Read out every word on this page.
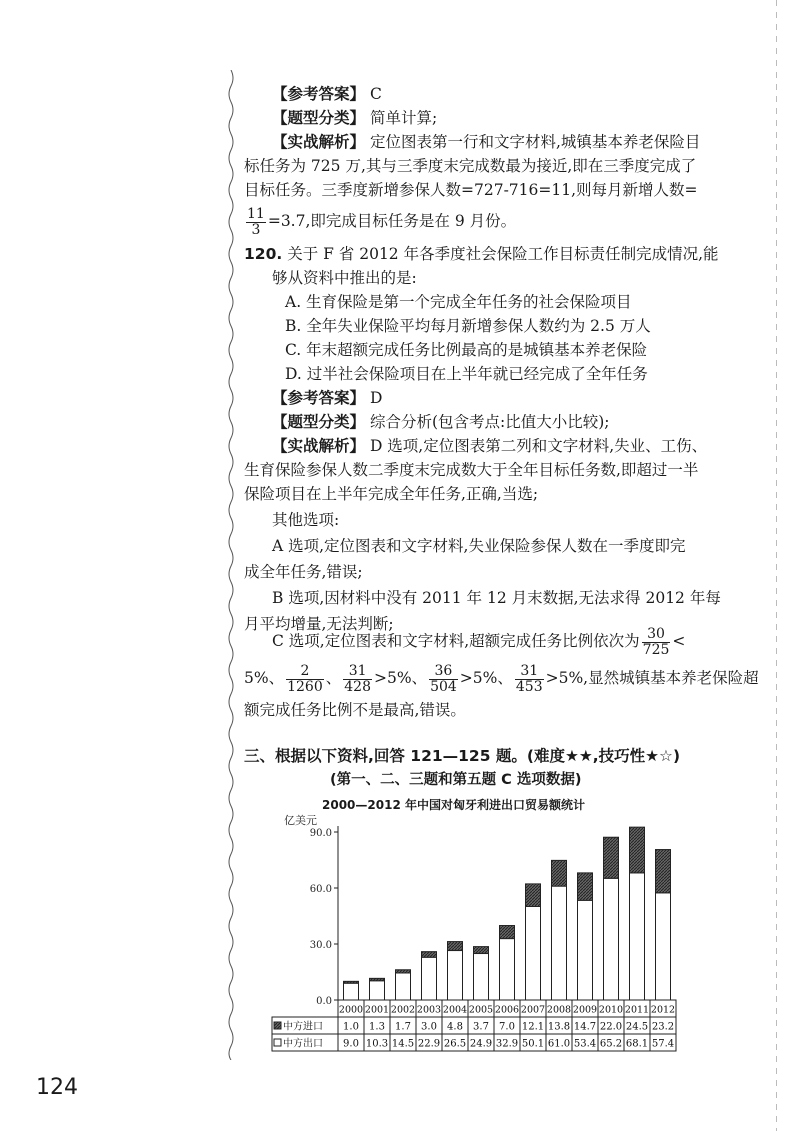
【参考答案】 C
【题型分类】 简单计算;
【实战解析】 定位图表第一行和文字材料,城镇基本养老保险目
标任务为 725 万,其与三季度末完成数最为接近,即在三季度完成了
目标任务。三季度新增参保人数=727-716=11,则每月新增人数=
$\frac{11}{3} =3.7$,即完成目标任务是在 9 月份。
120. 关于 F 省 2012 年各季度社会保险工作目标责任制完成情况,能
够从资料中推出的是:
A. 生育保险是第一个完成全年任务的社会保险项目
B. 全年失业保险平均每月新增参保人数约为 2.5 万人
C. 年末超额完成任务比例最高的是城镇基本养老保险
D. 过半社会保险项目在上半年就已经完成了全年任务
【参考答案】 D
【题型分类】 综合分析(包含考点:比值大小比较);
【实战解析】 D 选项,定位图表第二列和文字材料,失业、工伤、
生育保险参保人数二季度末完成数大于全年目标任务数,即超过一半
保险项目在上半年完成全年任务,正确,当选;
其他选项:
A 选项,定位图表和文字材料,失业保险参保人数在一季度即完
成全年任务,错误;
B 选项,因材料中没有 2011 年 12 月末数据,无法求得 2012 年每
月平均增量,无法判断;
C 选项,定位图表和文字材料,超额完成任务比例依次为 $\frac{30}{725}$ <
5%、 $\frac{2}{1260}$ 、 $\frac{31}{428} >5\%$、 $\frac{36}{504} >5\%$、 $\frac{31}{453} >5\%$,显然城镇基本养老保险超
额完成任务比例不是最高,错误。
三、根据以下资料,回答 121—125 题。(难度★★,技巧性★☆)
(第一、二、三题和第五题 C 选项数据)
2000—2012 年中国对匈牙利进出口贸易额统计
亿美元
0.0
30.0
60.0
90.0
2000 2001 2002 2003 2004 2005 2006 2007 2008 2009 2010 2011 2012
中方进口 1.0 1.3 1.7 3.0 4.8 3.7 7.0 12.1 13.8 14.7 22.0 24.5 23.2
中方出口 9.0 10.3 14.5 22.9 26.5 24.9 32.9 50.1 61.0 53.4 65.2 68.1 57.4
124
